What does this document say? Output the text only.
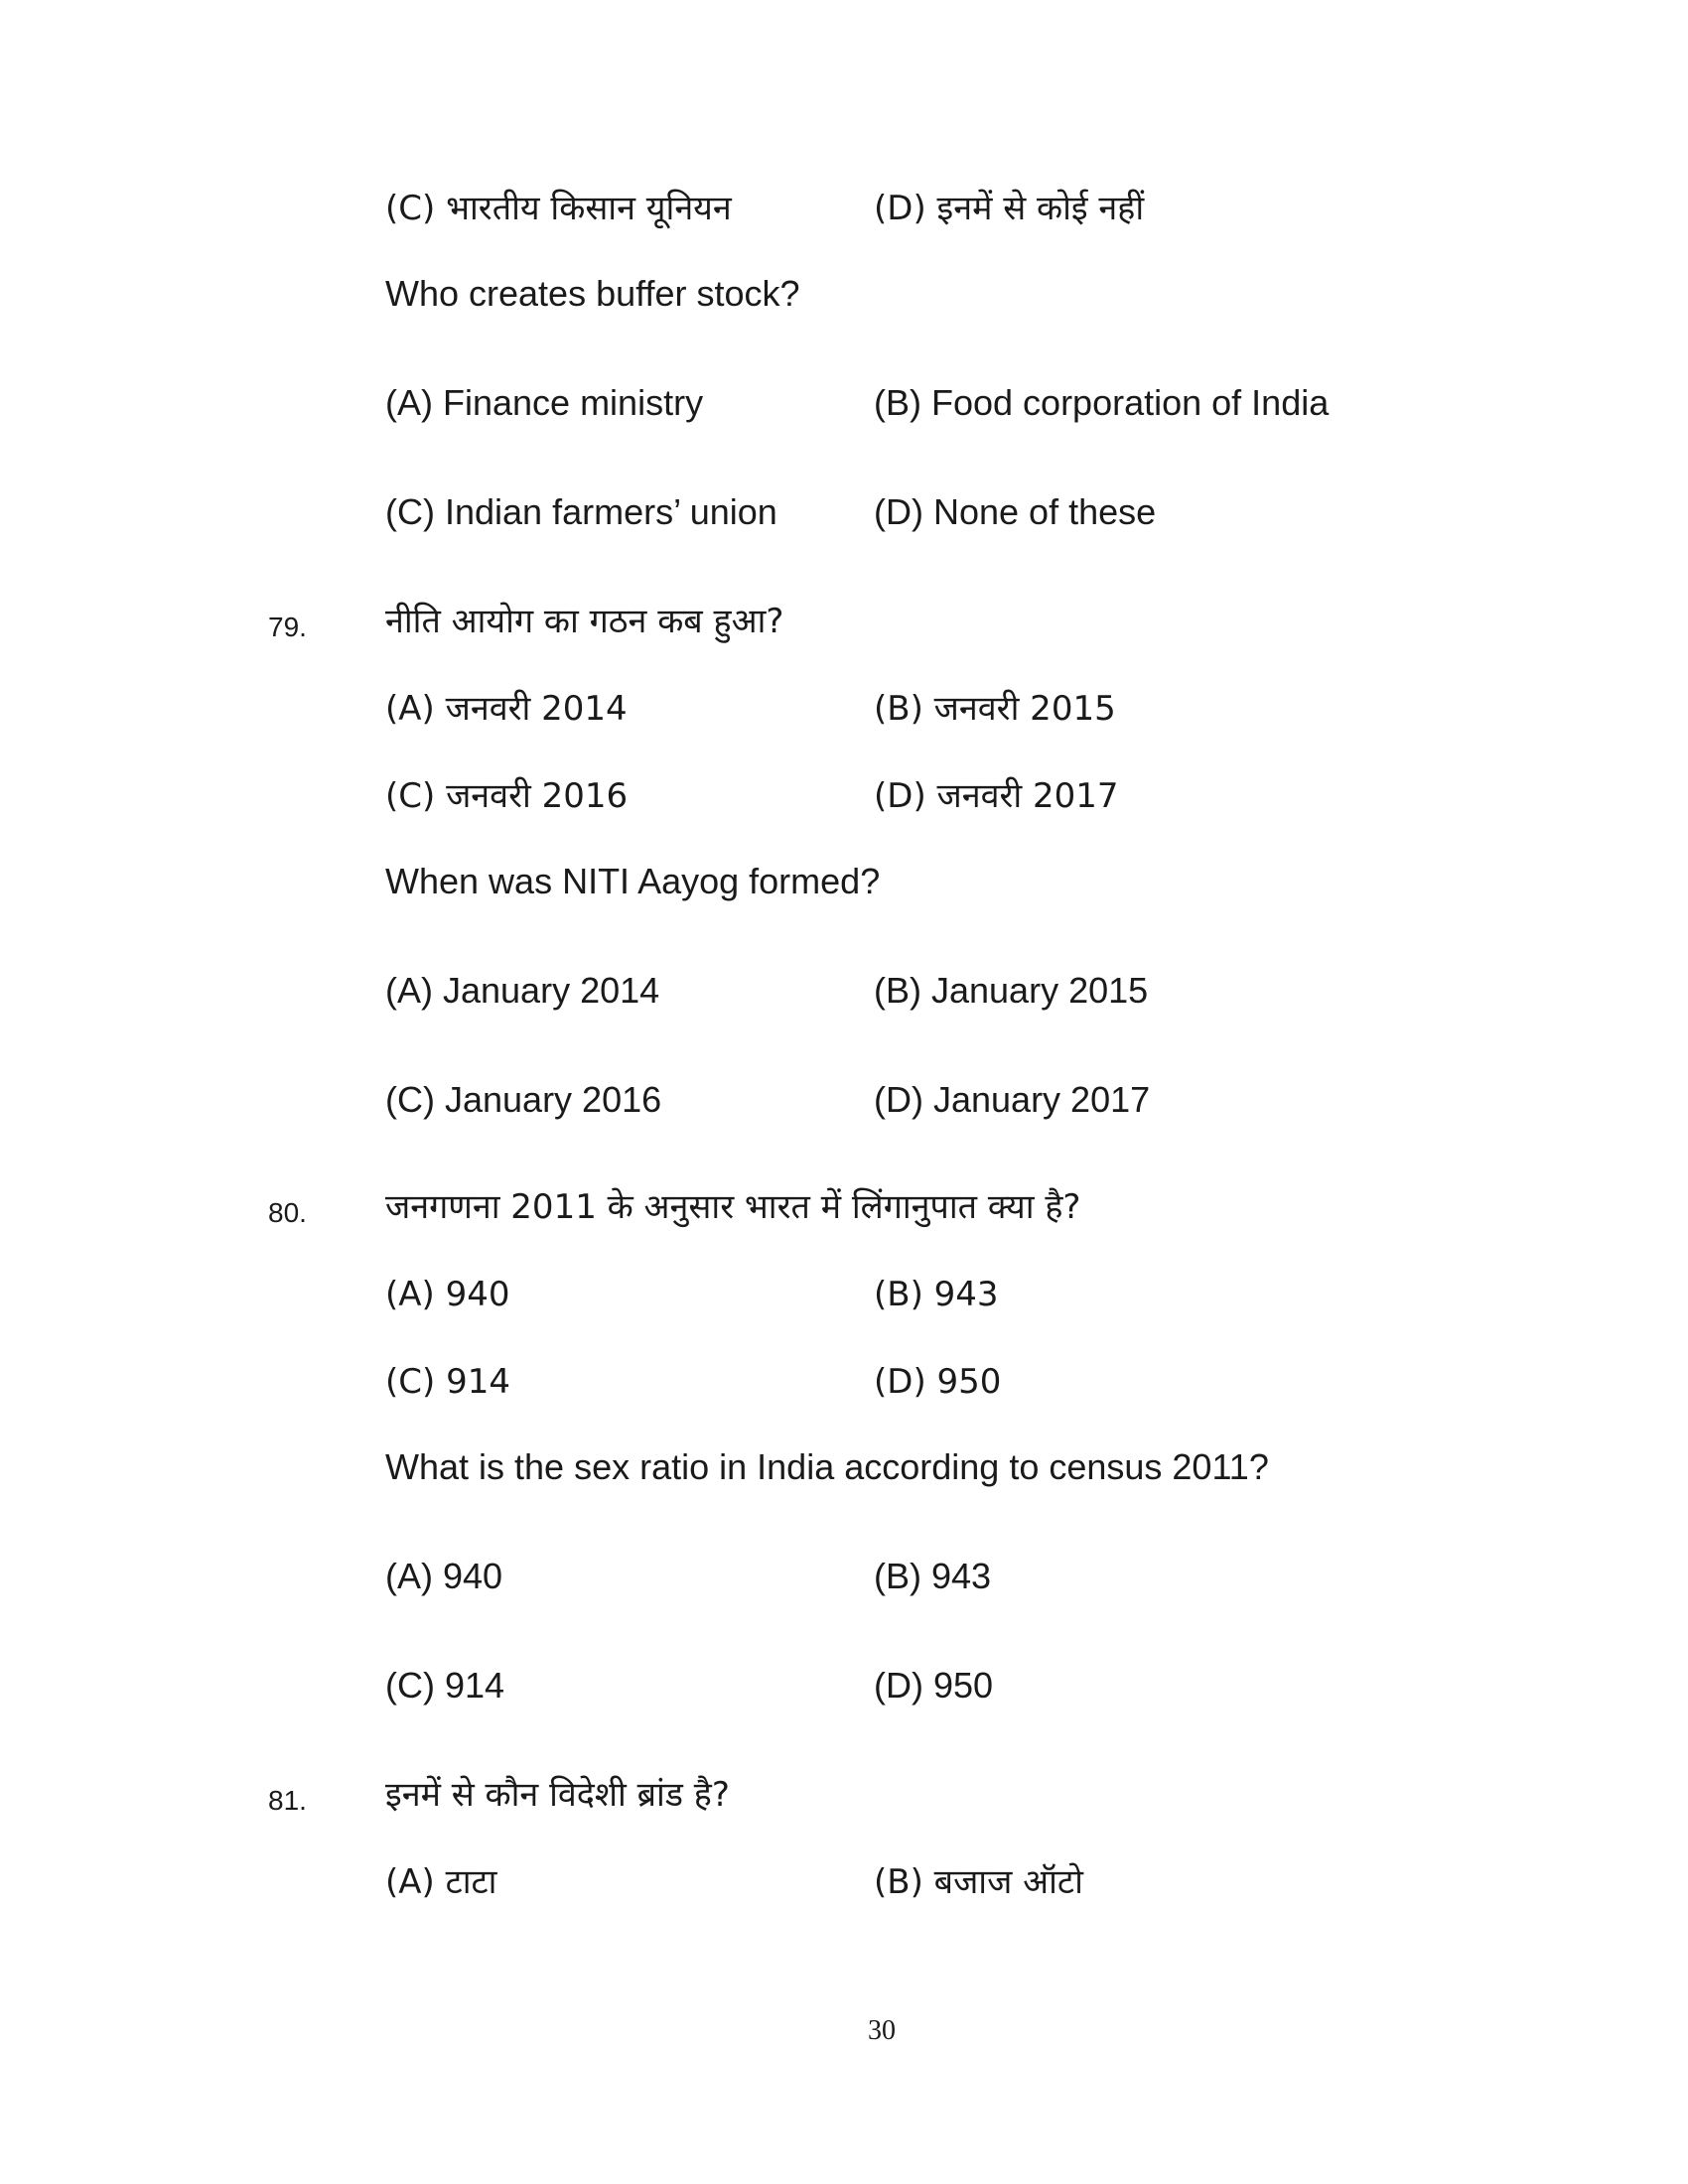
(C) भारतीय किसान यूनियन	(D) इनमें से कोई नहीं
Who creates buffer stock?
(A) Finance ministry	(B) Food corporation of India
(C) Indian farmers’ union	(D) None of these
79. नीति आयोग का गठन कब हुआ?
(A) जनवरी 2014	(B) जनवरी 2015
(C) जनवरी 2016	(D) जनवरी 2017
When was NITI Aayog formed?
(A) January 2014	(B) January 2015
(C) January 2016	(D) January 2017
80. जनगणना 2011 के अनुसार भारत में लिंगानुपात क्या है?
(A) 940	(B) 943
(C) 914	(D) 950
What is the sex ratio in India according to census 2011?
(A) 940	(B) 943
(C) 914	(D) 950
81. इनमें से कौन विदेशी ब्रांड है?
(A) टाटा	(B) बजाज ऑटो
30
